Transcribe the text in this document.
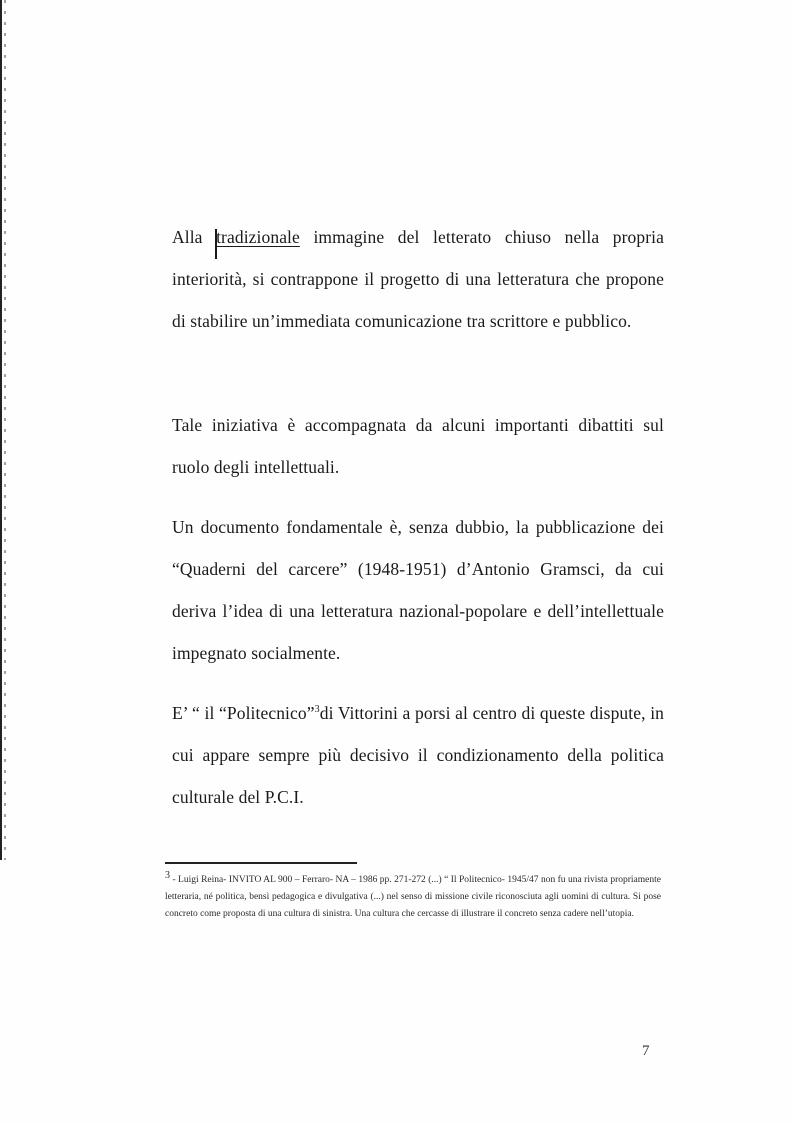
Alla tradizionale immagine del letterato chiuso nella propria interiorità, si contrappone il progetto di una letteratura che propone di stabilire un’immediata comunicazione tra scrittore e pubblico.

Tale iniziativa è accompagnata da alcuni importanti dibattiti sul ruolo degli intellettuali.

Un documento fondamentale è, senza dubbio, la pubblicazione dei “Quaderni del carcere” (1948-1951) d’Antonio Gramsci, da cui deriva l’idea di una letteratura nazional-popolare e dell’intellettuale impegnato socialmente.

E’ “ il “Politecnico”$^3$di Vittorini a porsi al centro di queste dispute, in cui appare sempre più decisivo il condizionamento della politica culturale del P.C.I.

$^3$ - Luigi Reina- INVITO AL 900 – Ferraro- NA – 1986 pp. 271-272 (...) “ Il Politecnico- 1945/47 non fu una rivista propriamente letteraria, né politica, bensì pedagogica e divulgativa (...) nel senso di missione civile riconosciuta agli uomini di cultura. Si pose concreto come proposta di una cultura di sinistra. Una cultura che cercasse di illustrare il concreto senza cadere nell’utopia.
7
